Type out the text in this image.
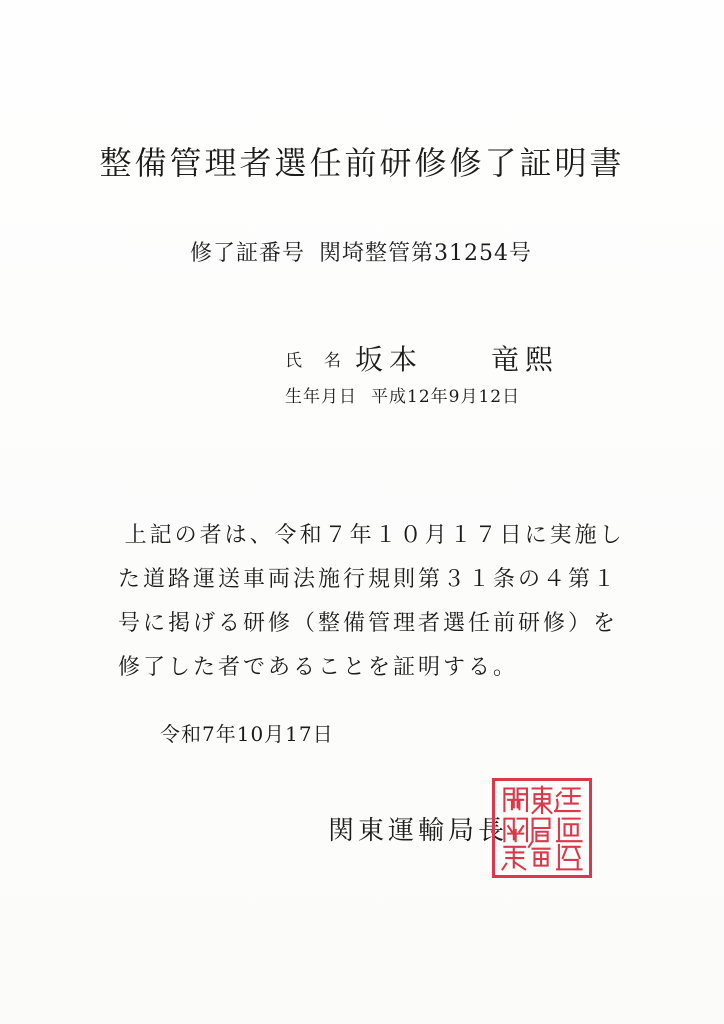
整備管理者選任前研修修了証明書
修了証番号 関埼整管第31254号
氏名坂本　　竜熙
生年月日 平成12年9月12日
上記の者は、令和７年１０月１７日に実施し
た道路運送車両法施行規則第３１条の４第１
号に掲げる研修（整備管理者選任前研修）を
修了した者であることを証明する。
令和7年10月17日
関東運輸局長
